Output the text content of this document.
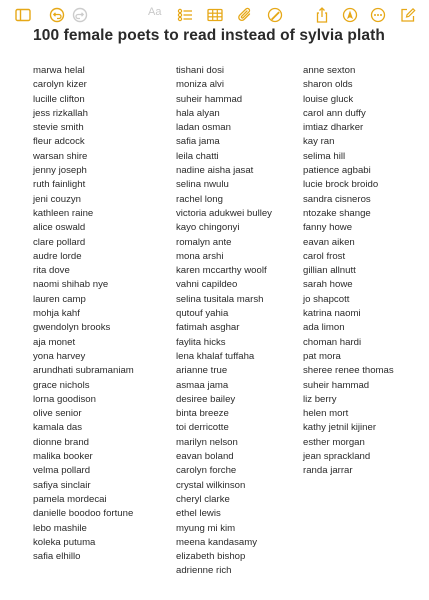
Aa
100 female poets to read instead of sylvia plath
marwa helal
carolyn kizer
lucille clifton
jess rizkallah
stevie smith
fleur adcock
warsan shire
jenny joseph
ruth fainlight
jeni couzyn
kathleen raine
alice oswald
clare pollard
audre lorde
rita dove
naomi shihab nye
lauren camp
mohja kahf
gwendolyn brooks
aja monet
yona harvey
arundhati subramaniam
grace nichols
lorna goodison
olive senior
kamala das
dionne brand
malika booker
velma pollard
safiya sinclair
pamela mordecai
danielle boodoo fortune
lebo mashile
koleka putuma
safia elhillo
tishani dosi
moniza alvi
suheir hammad
hala alyan
ladan osman
safia jama
leila chatti
nadine aisha jasat
selina nwulu
rachel long
victoria adukwei bulley
kayo chingonyi
romalyn ante
mona arshi
karen mccarthy woolf
vahni capildeo
selina tusitala marsh
qutouf yahia
fatimah asghar
faylita hicks
lena khalaf tuffaha
arianne true
asmaa jama
desiree bailey
binta breeze
toi derricotte
marilyn nelson
eavan boland
carolyn forche
crystal wilkinson
cheryl clarke
ethel lewis
myung mi kim
meena kandasamy
elizabeth bishop
adrienne rich
anne sexton
sharon olds
louise gluck
carol ann duffy
imtiaz dharker
kay ran
selima hill
patience agbabi
lucie brock broido
sandra cisneros
ntozake shange
fanny howe
eavan aiken
carol frost
gillian allnutt
sarah howe
jo shapcott
katrina naomi
ada limon
choman hardi
pat mora
sheree renee thomas
suheir hammad
liz berry
helen mort
kathy jetnil kijiner
esther morgan
jean sprackland
randa jarrar
